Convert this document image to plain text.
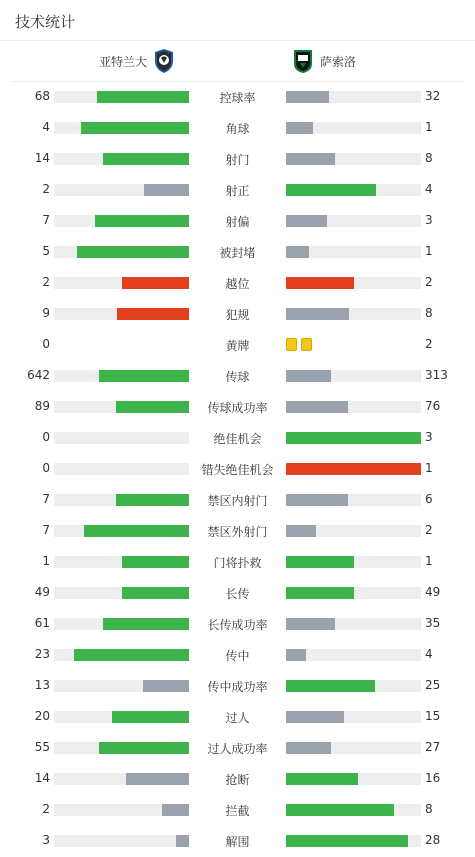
技术统计
亚特兰大	萨索洛
68	控球率	32
4	角球	1
14	射门	8
2	射正	4
7	射偏	3
5	被封堵	1
2	越位	2
9	犯规	8
0	黄牌	2
642	传球	313
89	传球成功率	76
0	绝佳机会	3
0	错失绝佳机会	1
7	禁区内射门	6
7	禁区外射门	2
1	门将扑救	1
49	长传	49
61	长传成功率	35
23	传中	4
13	传中成功率	25
20	过人	15
55	过人成功率	27
14	抢断	16
2	拦截	8
3	解围	28
